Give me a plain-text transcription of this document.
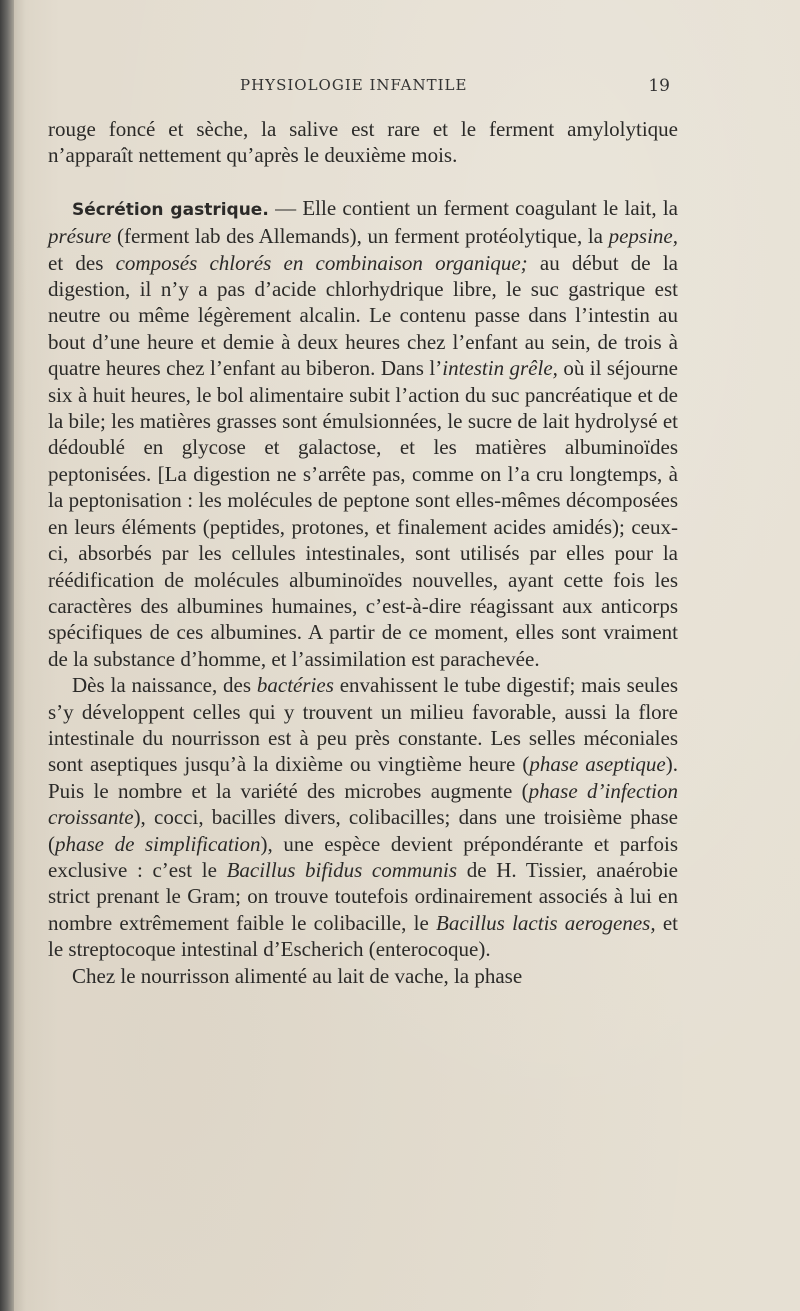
PHYSIOLOGIE INFANTILE	19

rouge foncé et sèche, la salive est rare et le ferment amylolytique n’apparaît nettement qu’après le deuxième mois.

Sécrétion gastrique. — Elle contient un ferment coagulant le lait, la présure (ferment lab des Allemands), un ferment protéolytique, la pepsine, et des composés chlorés en combinaison organique; au début de la digestion, il n’y a pas d’acide chlorhydrique libre, le suc gastrique est neutre ou même légèrement alcalin. Le contenu passe dans l’intestin au bout d’une heure et demie à deux heures chez l’enfant au sein, de trois à quatre heures chez l’enfant au biberon. Dans l’intestin grêle, où il séjourne six à huit heures, le bol alimentaire subit l’action du suc pancréatique et de la bile; les matières grasses sont émulsionnées, le sucre de lait hydrolysé et dédoublé en glycose et galactose, et les matières albuminoïdes peptonisées. [La digestion ne s’arrête pas, comme on l’a cru longtemps, à la peptonisation : les molécules de peptone sont elles-mêmes décomposées en leurs éléments (peptides, protones, et finalement acides amidés); ceux-ci, absorbés par les cellules intestinales, sont utilisés par elles pour la réédification de molécules albuminoïdes nouvelles, ayant cette fois les caractères des albumines humaines, c’est-à-dire réagissant aux anticorps spécifiques de ces albumines. A partir de ce moment, elles sont vraiment de la substance d’homme, et l’assimilation est parachevée.

Dès la naissance, des bactéries envahissent le tube digestif; mais seules s’y développent celles qui y trouvent un milieu favorable, aussi la flore intestinale du nourrisson est à peu près constante. Les selles méconiales sont aseptiques jusqu’à la dixième ou vingtième heure (phase aseptique). Puis le nombre et la variété des microbes augmente (phase d’infection croissante), cocci, bacilles divers, colibacilles; dans une troisième phase (phase de simplification), une espèce devient prépondérante et parfois exclusive : c’est le Bacillus bifidus communis de H. Tissier, anaérobie strict prenant le Gram; on trouve toutefois ordinairement associés à lui en nombre extrêmement faible le colibacille, le Bacillus lactis aerogenes, et le streptocoque intestinal d’Escherich (enterocoque).

Chez le nourrisson alimenté au lait de vache, la phase
